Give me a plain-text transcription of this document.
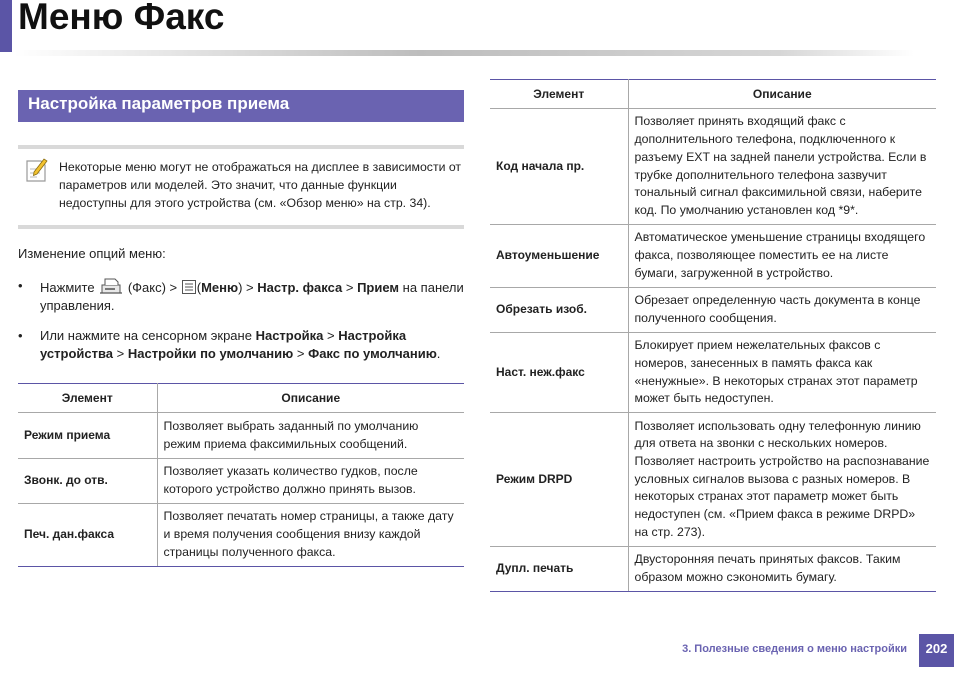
Меню Факс
Настройка параметров приема
Некоторые меню могут не отображаться на дисплее в зависимости от параметров или моделей. Это значит, что данные функции недоступны для этого устройства (см. «Обзор меню» на стр. 34).
Изменение опций меню:
• Нажмите	(Факс) > (Меню) > Настр. факса > Прием на панели управления.
• Или нажмите на сенсорном экране Настройка > Настройка устройства > Настройки по умолчанию > Факс по умолчанию.
Элемент	Описание
Режим приема	Позволяет выбрать заданный по умолчанию режим приема факсимильных сообщений.
Звонк. до отв.	Позволяет указать количество гудков, после которого устройство должно принять вызов.
Печ. дан.факса	Позволяет печатать номер страницы, а также дату и время получения сообщения внизу каждой страницы полученного факса.
Элемент	Описание
Код начала пр.	Позволяет принять входящий факс с дополнительного телефона, подключенного к разъему EXT на задней панели устройства. Если в трубке дополнительного телефона зазвучит тональный сигнал факсимильной связи, наберите код. По умолчанию установлен код *9*.
Автоуменьшение	Автоматическое уменьшение страницы входящего факса, позволяющее поместить ее на листе бумаги, загруженной в устройство.
Обрезать изоб.	Обрезает определенную часть документа в конце полученного сообщения.
Наст. неж.факс	Блокирует прием нежелательных факсов с номеров, занесенных в память факса как «ненужные». В некоторых странах этот параметр может быть недоступен.
Режим DRPD	Позволяет использовать одну телефонную линию для ответа на звонки с нескольких номеров. Позволяет настроить устройство на распознавание условных сигналов вызова с разных номеров. В некоторых странах этот параметр может быть недоступен (см. «Прием факса в режиме DRPD» на стр. 273).
Дупл. печать	Двусторонняя печать принятых факсов. Таким образом можно сэкономить бумагу.
3. Полезные сведения о меню настройки	202
